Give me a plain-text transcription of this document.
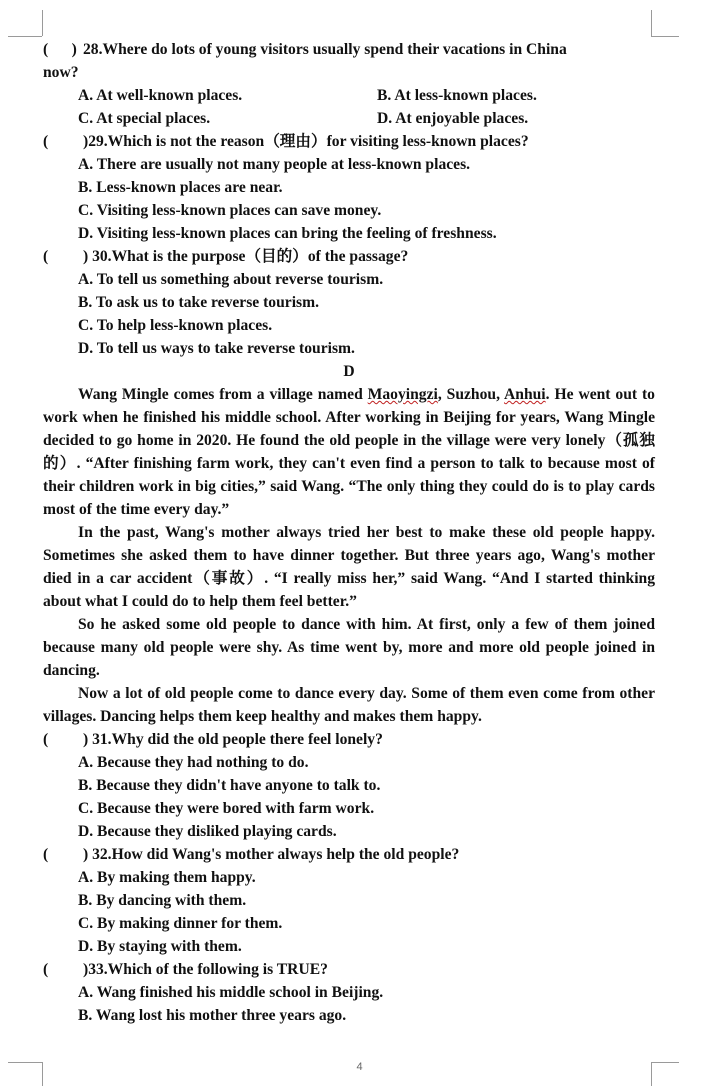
( ) 28.Where do lots of young visitors usually spend their vacations in China
now?
A. At well-known places.	B. At less-known places.
C. At special places.	D. At enjoyable places.
( )29.Which is not the reason（理由）for visiting less-known places?
A. There are usually not many people at less-known places.
B. Less-known places are near.
C. Visiting less-known places can save money.
D. Visiting less-known places can bring the feeling of freshness.
( ) 30.What is the purpose（目的）of the passage?
A. To tell us something about reverse tourism.
B. To ask us to take reverse tourism.
C. To help less-known places.
D. To tell us ways to take reverse tourism.
D
Wang Mingle comes from a village named Maoyingzi, Suzhou, Anhui. He went out to work when he finished his middle school. After working in Beijing for years, Wang Mingle decided to go home in 2020. He found the old people in the village were very lonely（孤独的）. “After finishing farm work, they can't even find a person to talk to because most of their children work in big cities,” said Wang. “The only thing they could do is to play cards most of the time every day.”
In the past, Wang's mother always tried her best to make these old people happy. Sometimes she asked them to have dinner together. But three years ago, Wang's mother died in a car accident（事故）. “I really miss her,” said Wang. “And I started thinking about what I could do to help them feel better.”
So he asked some old people to dance with him. At first, only a few of them joined because many old people were shy. As time went by, more and more old people joined in dancing.
Now a lot of old people come to dance every day. Some of them even come from other villages. Dancing helps them keep healthy and makes them happy.
( ) 31.Why did the old people there feel lonely?
A. Because they had nothing to do.
B. Because they didn't have anyone to talk to.
C. Because they were bored with farm work.
D. Because they disliked playing cards.
( ) 32.How did Wang's mother always help the old people?
A. By making them happy.
B. By dancing with them.
C. By making dinner for them.
D. By staying with them.
( )33.Which of the following is TRUE?
A. Wang finished his middle school in Beijing.
B. Wang lost his mother three years ago.
4
